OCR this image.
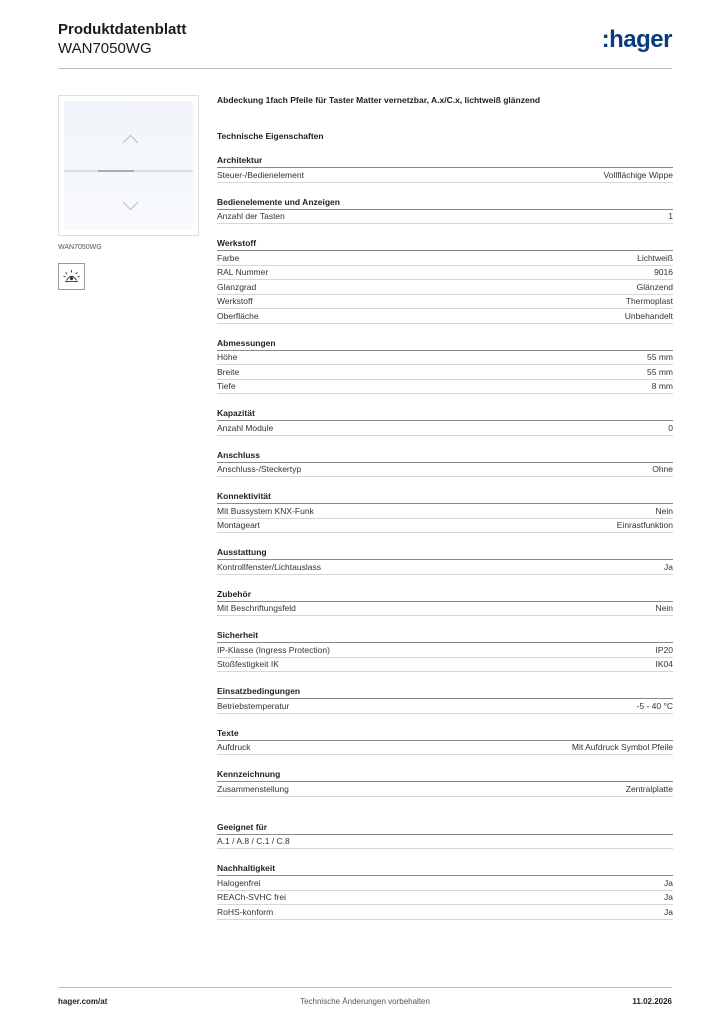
Produktdatenblatt
WAN7050WG	:hager
WAN7050WG
Abdeckung 1fach Pfeile für Taster Matter vernetzbar, A.x/C.x, lichtweiß glänzend
Technische Eigenschaften
Architektur
Steuer-/Bedienelement	Vollflächige Wippe
Bedienelemente und Anzeigen
Anzahl der Tasten	1
Werkstoff
Farbe	Lichtweiß
RAL Nummer	9016
Glanzgrad	Glänzend
Werkstoff	Thermoplast
Oberfläche	Unbehandelt
Abmessungen
Höhe	55 mm
Breite	55 mm
Tiefe	8 mm
Kapazität
Anzahl Module	0
Anschluss
Anschluss-/Steckertyp	Ohne
Konnektivität
Mit Bussystem KNX-Funk	Nein
Montageart	Einrastfunktion
Ausstattung
Kontrollfenster/Lichtauslass	Ja
Zubehör
Mit Beschriftungsfeld	Nein
Sicherheit
IP-Klasse (Ingress Protection)	IP20
Stoßfestigkeit IK	IK04
Einsatzbedingungen
Betriebstemperatur	-5 - 40 °C
Texte
Aufdruck	Mit Aufdruck Symbol Pfeile
Kennzeichnung
Zusammenstellung	Zentralplatte
Geeignet für
A.1 / A.8 / C.1 / C.8
Nachhaltigkeit
Halogenfrei	Ja
REACh-SVHC frei	Ja
RoHS-konform	Ja
hager.com/at	Technische Änderungen vorbehalten	11.02.2026
